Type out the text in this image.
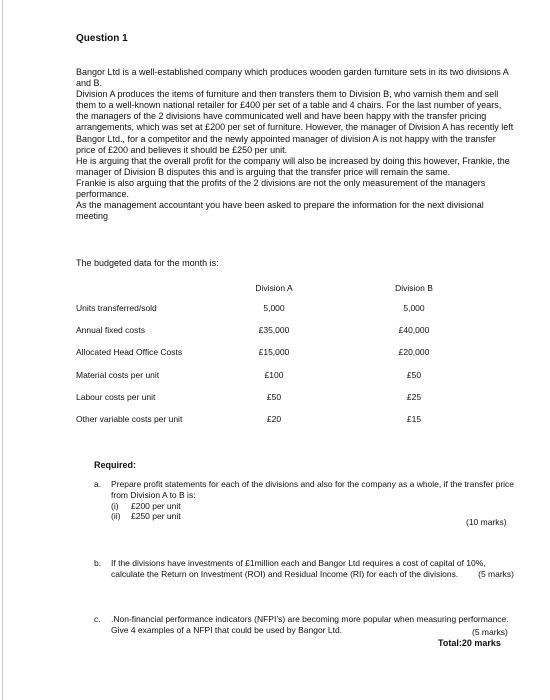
Question 1

Bangor Ltd is a well-established company which produces wooden garden furniture sets in its two divisions A and B.

Division A produces the items of furniture and then transfers them to Division B, who varnish them and sell them to a well-known national retailer for £400 per set of a table and 4 chairs. For the last number of years, the managers of the 2 divisions have communicated well and have been happy with the transfer pricing arrangements, which was set at £200 per set of furniture. However, the manager of Division A has recently left Bangor Ltd., for a competitor and the newly appointed manager of division A is not happy with the transfer price of £200 and believes it should be £250 per unit.

He is arguing that the overall profit for the company will also be increased by doing this however, Frankie, the manager of Division B disputes this and is arguing that the transfer price will remain the same.

Frankie is also arguing that the profits of the 2 divisions are not the only measurement of the managers performance.

As the management accountant you have been asked to prepare the information for the next divisional meeting

The budgeted data for the month is:
	Division A	Division B
Units transferred/sold	5,000	5,000
Annual fixed costs	£35,000	£40,000
Allocated Head Office Costs	£15,000	£20,000
Material costs per unit	£100	£50
Labour costs per unit	£50	£25
Other variable costs per unit	£20	£15
Required:
a. Prepare profit statements for each of the divisions and also for the company as a whole, if the transfer price from Division A to B is:
(i) £200 per unit
(ii) £250 per unit
(10 marks)
b. If the divisions have investments of £1million each and Bangor Ltd requires a cost of capital of 10%, calculate the Return on Investment (ROI) and Residual Income (RI) for each of the divisions. (5 marks)
c. .Non-financial performance indicators (NFPI’s) are becoming more popular when measuring performance. Give 4 examples of a NFPI that could be used by Bangor Ltd.	(5 marks)
Total:20 marks
